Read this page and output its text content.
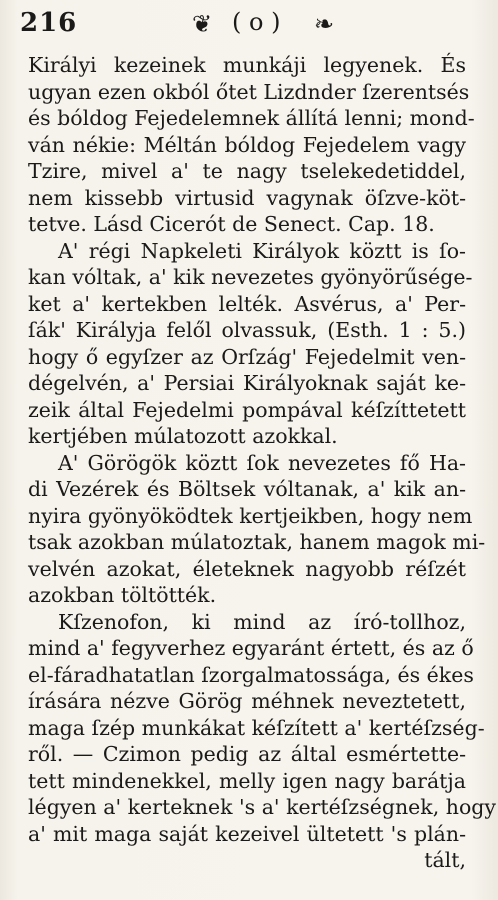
216	❦ ( o ) ❧
Királyi kezeinek munkáji legyenek. És
ugyan ezen okból őtet Lizdnder ſzerentsés
és bóldog Fejedelemnek állítá lenni; mond-
ván nékie: Méltán bóldog Fejedelem vagy
Tzire, mivel a' te nagy tselekedetiddel,
nem kissebb virtusid vagynak öſzve-köt-
tetve. Lásd Cicerót de Senect. Cap. 18.
A' régi Napkeleti Királyok köztt is ſo-
kan vóltak, a' kik nevezetes gyönyörűsége-
ket a' kertekben lelték. Asvérus, a' Per-
ſák' Királyja felől olvassuk, (Esth. 1 : 5.)
hogy ő egyſzer az Orſzág' Fejedelmit ven-
dégelvén, a' Persiai Királyoknak saját ke-
zeik által Fejedelmi pompával kéſzíttetett
kertjében múlatozott azokkal.
A' Görögök köztt ſok nevezetes fő Ha-
di Vezérek és Böltsek vóltanak, a' kik an-
nyira gyönyöködtek kertjeikben, hogy nem
tsak azokban múlatoztak, hanem magok mi-
velvén azokat, életeknek nagyobb réſzét
azokban töltötték.
Kſzenofon, ki mind az író-tollhoz,
mind a' fegyverhez egyaránt értett, és az ő
el-fáradhatatlan ſzorgalmatossága, és ékes
írására nézve Görög méhnek neveztetett,
maga ſzép munkákat kéſzített a' kertéſzség-
ről. — Czimon pedig az által esmértette-
tett mindenekkel, melly igen nagy barátja
légyen a' kerteknek 's a' kertéſzségnek, hogy
a' mit maga saját kezeivel ültetett 's plán-
tált,
